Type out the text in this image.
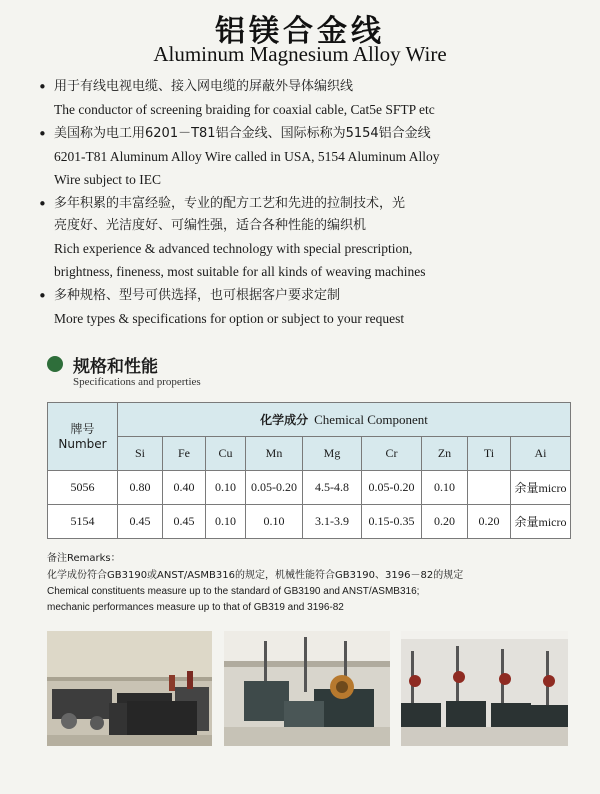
铝镁合金线
Aluminum Magnesium Alloy Wire
• 用于有线电视电缆、接入网电缆的屏蔽外导体编织线
The conductor of screening braiding for coaxial cable, Cat5e SFTP etc
• 美国称为电工用6201－T81铝合金线、国际标称为5154铝合金线
6201-T81 Aluminum Alloy Wire called in USA, 5154 Aluminum Alloy
Wire subject to IEC
• 多年积累的丰富经验，专业的配方工艺和先进的拉制技术，光
亮度好、光洁度好、可编性强，适合各种性能的编织机
Rich experience & advanced technology with special prescription,
brightness, fineness, most suitable for all kinds of weaving machines
• 多种规格、型号可供选择，也可根据客户要求定制
More types & specifications for option or subject to your request
规格和性能
Specifications and properties
牌号
Number	化学成分 Chemical Component								
	Si	Fe	Cu	Mn	Mg	Cr	Zn	Ti	Ai
5056	0.80	0.40	0.10	0.05-0.20	4.5-4.8	0.05-0.20	0.10		余量micro
5154	0.45	0.45	0.10	0.10	3.1-3.9	0.15-0.35	0.20	0.20	余量micro
备注Remarks：
化学成份符合GB3190或ANST/ASMB316的规定，机械性能符合GB3190、3196－82的规定
Chemical constituents measure up to the standard of GB3190 and ANST/ASMB316;
mechanic performances measure up to that of GB319 and 3196-82
